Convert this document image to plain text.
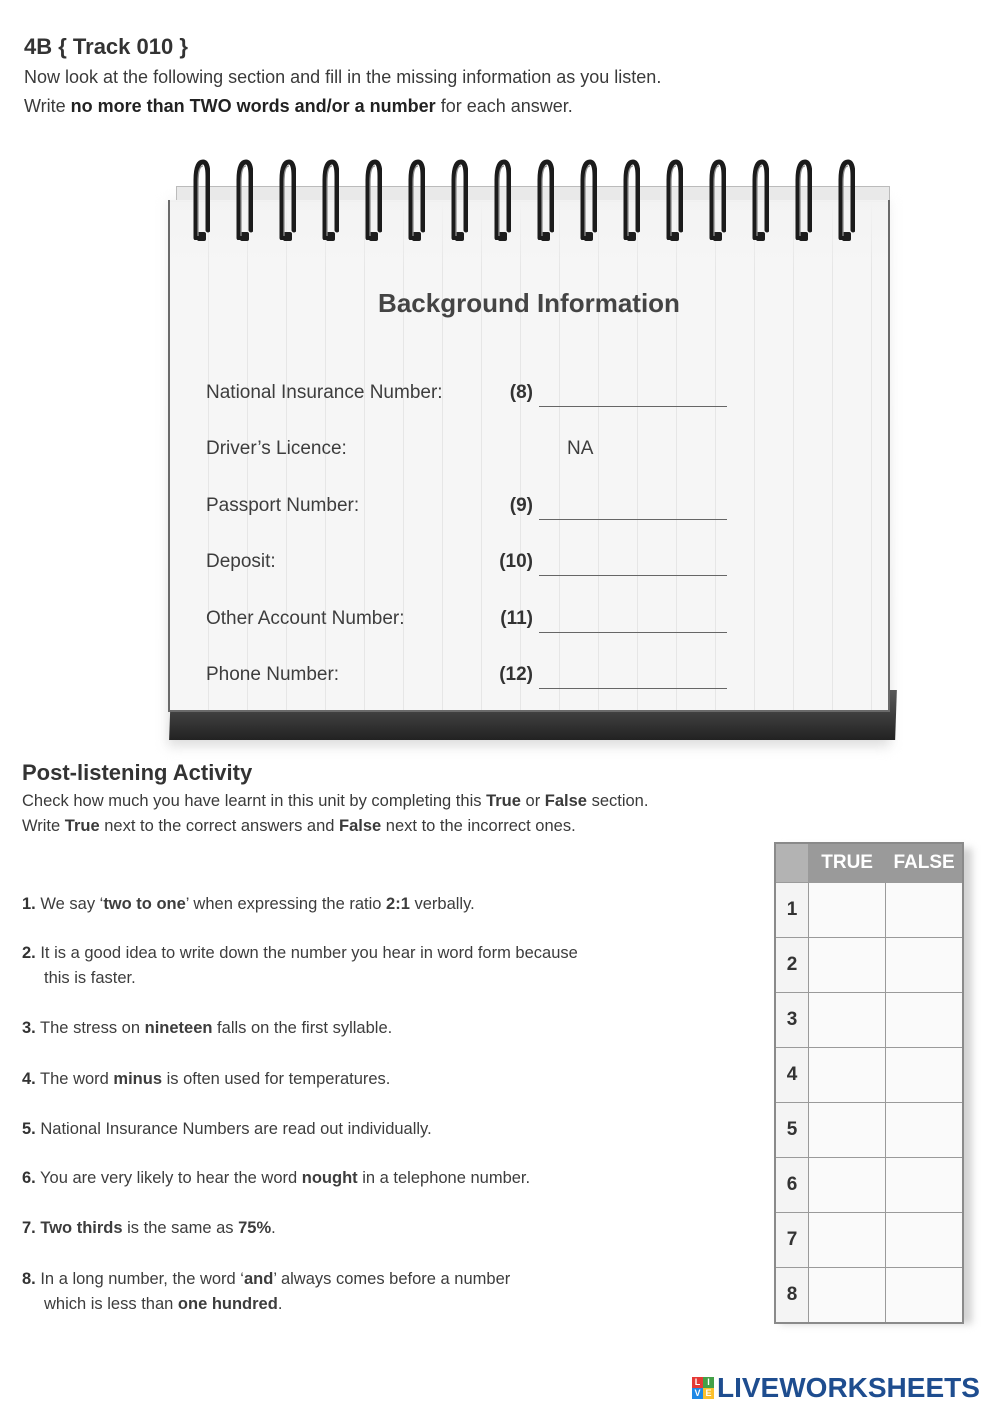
4B { Track 010 }
Now look at the following section and fill in the missing information as you listen.
Write no more than TWO words and/or a number for each answer.
Background Information
National Insurance Number:	(8)
Driver’s Licence:	NA
Passport Number:	(9)
Deposit:	(10)
Other Account Number:	(11)
Phone Number:	(12)
Post-listening Activity
Check how much you have learnt in this unit by completing this True or False section.
Write True next to the correct answers and False next to the incorrect ones.
1. We say ‘two to one’ when expressing the ratio 2:1 verbally.
2. It is a good idea to write down the number you hear in word form because
this is faster.
3. The stress on nineteen falls on the first syllable.
4. The word minus is often used for temperatures.
5. National Insurance Numbers are read out individually.
6. You are very likely to hear the word nought in a telephone number.
7. Two thirds is the same as 75%.
8. In a long number, the word ‘and’ always comes before a number
which is less than one hundred.
	TRUE	FALSE
1		
2		
3		
4		
5		
6		
7		
8		
L I
V E LIVEWORKSHEETS
